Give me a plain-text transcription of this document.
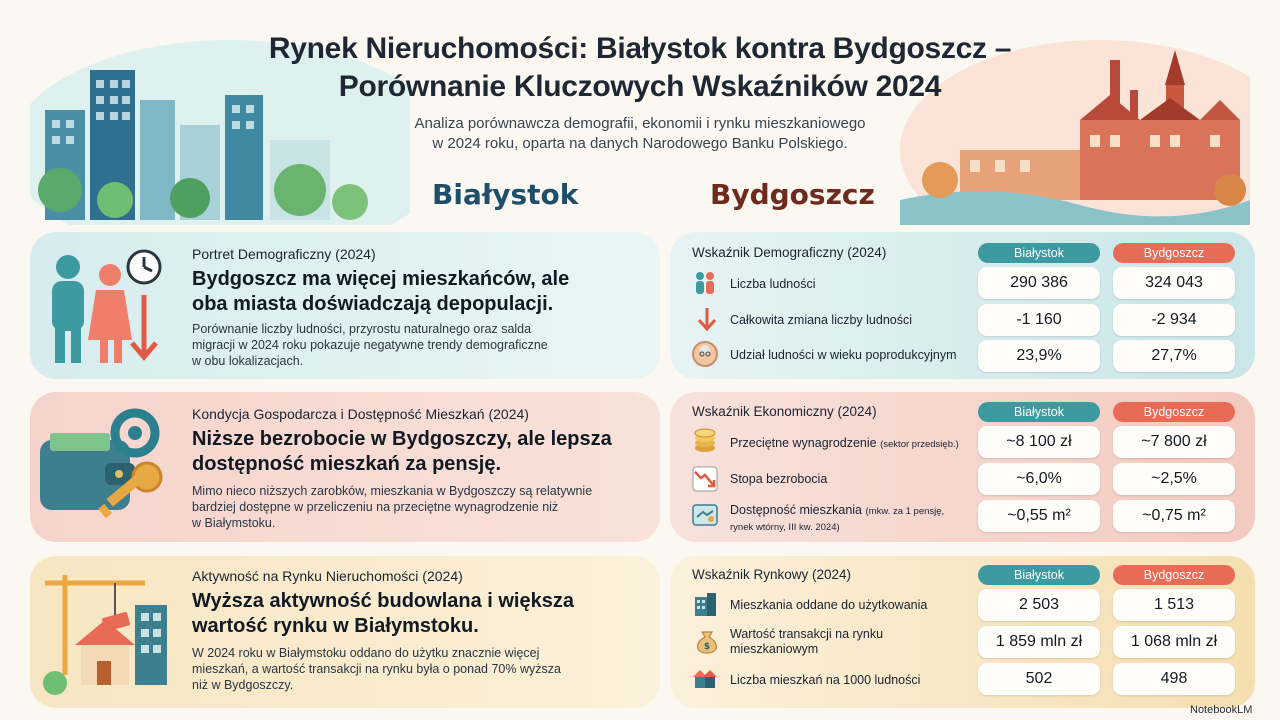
Rynek Nieruchomości: Białystok kontra Bydgoszcz –
Porównanie Kluczowych Wskaźników 2024
Analiza porównawcza demografii, ekonomii i rynku mieszkaniowego
w 2024 roku, oparta na danych Narodowego Banku Polskiego.
Białystok	Bydgoszcz
Portret Demograficzny (2024)
Bydgoszcz ma więcej mieszkańców, ale
oba miasta doświadczają depopulacji.
Porównanie liczby ludności, przyrostu naturalnego oraz salda
migracji w 2024 roku pokazuje negatywne trendy demograficzne
w obu lokalizacjach.
Kondycja Gospodarcza i Dostępność Mieszkań (2024)
Niższe bezrobocie w Bydgoszczy, ale lepsza
dostępność mieszkań za pensję.
Mimo nieco niższych zarobków, mieszkania w Bydgoszczy są relatywnie
bardziej dostępne w przeliczeniu na przeciętne wynagrodzenie niż
w Białymstoku.
Aktywność na Rynku Nieruchomości (2024)
Wyższa aktywność budowlana i większa
wartość rynku w Białymstoku.
W 2024 roku w Białymstoku oddano do użytku znacznie więcej
mieszkań, a wartość transakcji na rynku była o ponad 70% wyższa
niż w Bydgoszczy.
Wskaźnik Demograficzny (2024)	Białystok	Bydgoszcz
Liczba ludności	290 386	324 043
Całkowita zmiana liczby ludności	-1 160	-2 934
Udział ludności w wieku poprodukcyjnym	23,9%	27,7%
Wskaźnik Ekonomiczny (2024)	Białystok	Bydgoszcz
Przeciętne wynagrodzenie (sektor przedsięb.)	~8 100 zł	~7 800 zł
Stopa bezrobocia	~6,0%	~2,5%
Dostępność mieszkania (mkw. za 1 pensję,
rynek wtórny, III kw. 2024)
~0,55 m²	~0,75 m²
Wskaźnik Rynkowy (2024)	Białystok	Bydgoszcz
Mieszkania oddane do użytkowania	2 503	1 513
$
Wartość transakcji na rynku
mieszkaniowym	1 859 mln zł	1 068 mln zł
Liczba mieszkań na 1000 ludności	502	498
NotebookLM
